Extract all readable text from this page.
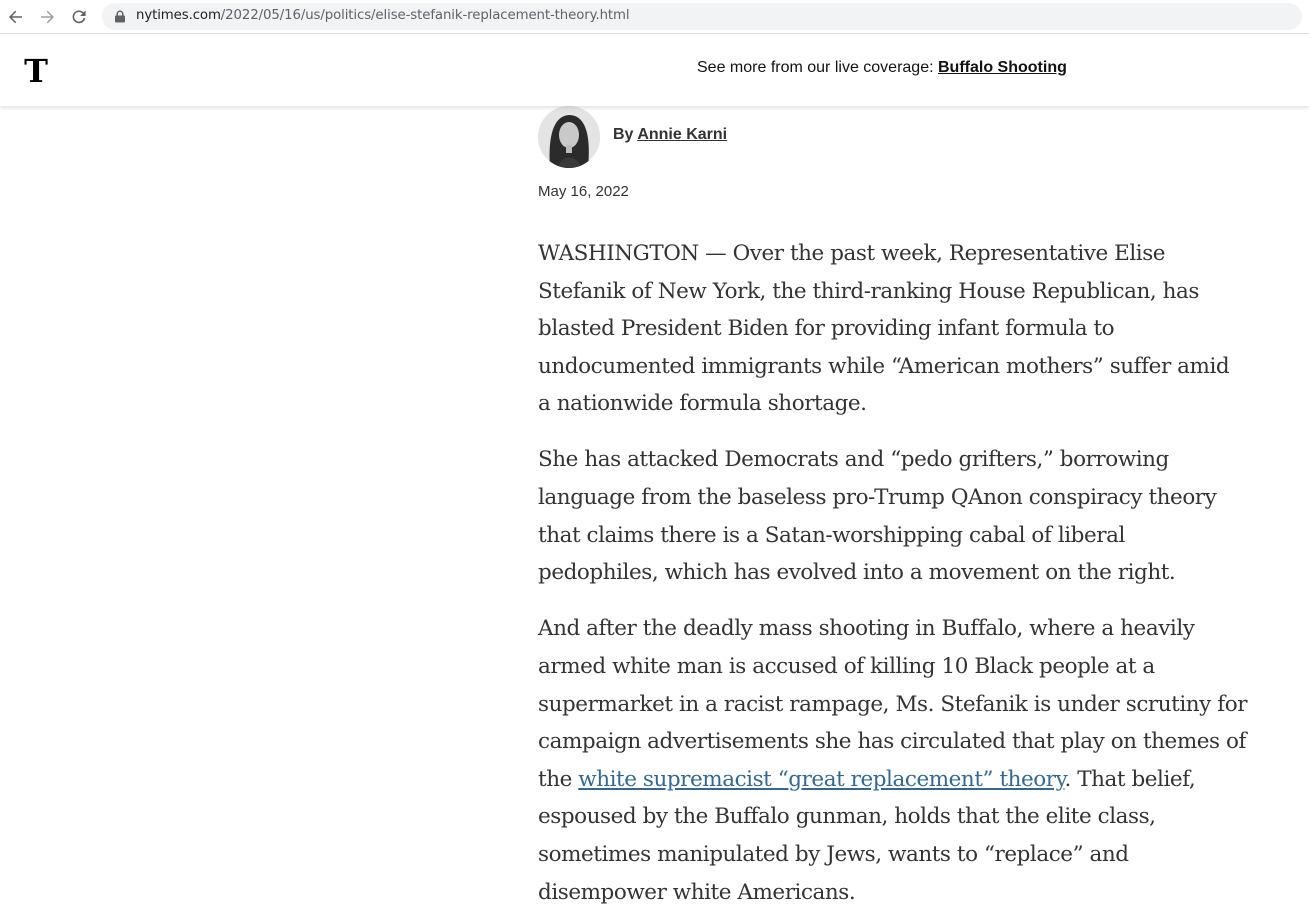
nytimes.com/2022/05/16/us/politics/elise-stefanik-replacement-theory.html
T	See more from our live coverage: Buffalo Shooting
By Annie Karni
May 16, 2022

WASHINGTON — Over the past week, Representative Elise
Stefanik of New York, the third-ranking House Republican, has
blasted President Biden for providing infant formula to
undocumented immigrants while “American mothers” suffer amid
a nationwide formula shortage.

She has attacked Democrats and “pedo grifters,” borrowing
language from the baseless pro-Trump QAnon conspiracy theory
that claims there is a Satan-worshipping cabal of liberal
pedophiles, which has evolved into a movement on the right.

And after the deadly mass shooting in Buffalo, where a heavily
armed white man is accused of killing 10 Black people at a
supermarket in a racist rampage, Ms. Stefanik is under scrutiny for
campaign advertisements she has circulated that play on themes of
the white supremacist “great replacement” theory. That belief,
espoused by the Buffalo gunman, holds that the elite class,
sometimes manipulated by Jews, wants to “replace” and
disempower white Americans.
